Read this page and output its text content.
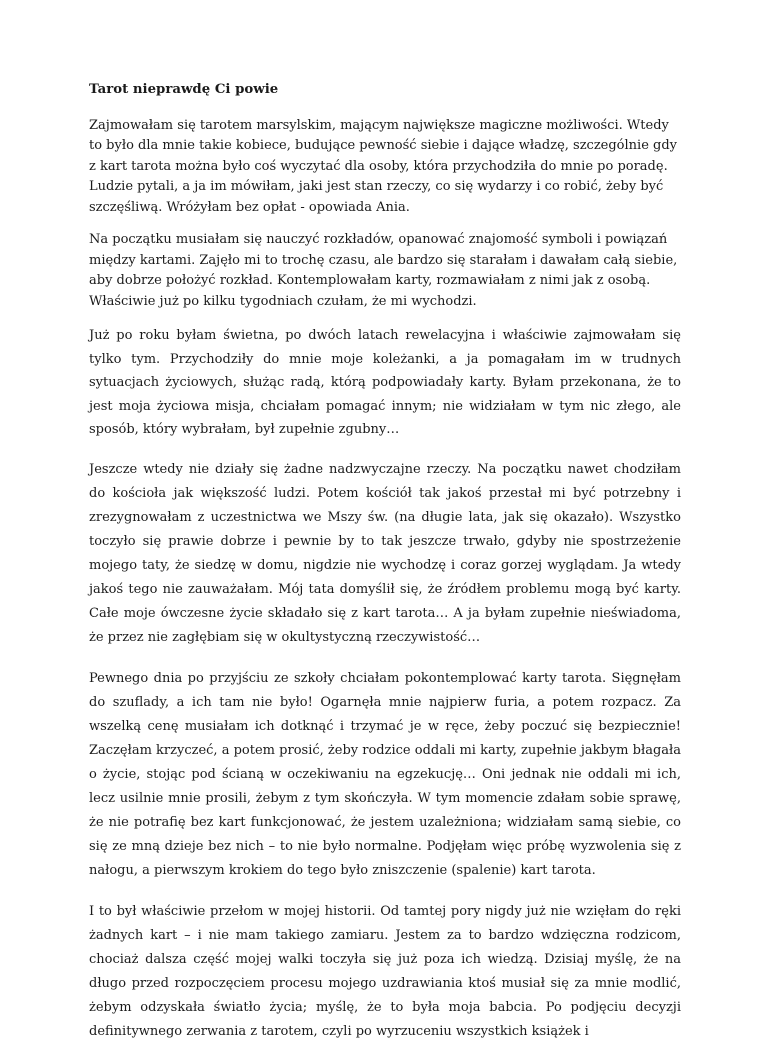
Tarot nieprawdę Ci powie

Zajmowałam się tarotem marsylskim, mającym największe magiczne możliwości. Wtedy to było dla mnie takie kobiece, budujące pewność siebie i dające władzę, szczególnie gdy z kart tarota można było coś wyczytać dla osoby, która przychodziła do mnie po poradę. Ludzie pytali, a ja im mówiłam, jaki jest stan rzeczy, co się wydarzy i co robić, żeby być szczęśliwą. Wróżyłam bez opłat - opowiada Ania.

Na początku musiałam się nauczyć rozkładów, opanować znajomość symboli i powiązań między kartami. Zajęło mi to trochę czasu, ale bardzo się starałam i dawałam całą siebie, aby dobrze położyć rozkład. Kontemplowałam karty, rozmawiałam z nimi jak z osobą. Właściwie już po kilku tygodniach czułam, że mi wychodzi.

Już po roku byłam świetna, po dwóch latach rewelacyjna i właściwie zajmowałam się tylko tym. Przychodziły do mnie moje koleżanki, a ja pomagałam im w trudnych sytuacjach życiowych, służąc radą, którą podpowiadały karty. Byłam przekonana, że to jest moja życiowa misja, chciałam pomagać innym; nie widziałam w tym nic złego, ale sposób, który wybrałam, był zupełnie zgubny…

Jeszcze wtedy nie działy się żadne nadzwyczajne rzeczy. Na początku nawet chodziłam do kościoła jak większość ludzi. Potem kościół tak jakoś przestał mi być potrzebny i zrezygnowałam z uczestnictwa we Mszy św. (na długie lata, jak się okazało). Wszystko toczyło się prawie dobrze i pewnie by to tak jeszcze trwało, gdyby nie spostrzeżenie mojego taty, że siedzę w domu, nigdzie nie wychodzę i coraz gorzej wyglądam. Ja wtedy jakoś tego nie zauważałam. Mój tata domyślił się, że źródłem problemu mogą być karty. Całe moje ówczesne życie składało się z kart tarota… A ja byłam zupełnie nieświadoma, że przez nie zagłębiam się w okultystyczną rzeczywistość…

Pewnego dnia po przyjściu ze szkoły chciałam pokontemplować karty tarota. Sięgnęłam do szuflady, a ich tam nie było! Ogarnęła mnie najpierw furia, a potem rozpacz. Za wszelką cenę musiałam ich dotknąć i trzymać je w ręce, żeby poczuć się bezpiecznie! Zaczęłam krzyczeć, a potem prosić, żeby rodzice oddali mi karty, zupełnie jakbym błagała o życie, stojąc pod ścianą w oczekiwaniu na egzekucję… Oni jednak nie oddali mi ich, lecz usilnie mnie prosili, żebym z tym skończyła. W tym momencie zdałam sobie sprawę, że nie potrafię bez kart funkcjonować, że jestem uzależniona; widziałam samą siebie, co się ze mną dzieje bez nich – to nie było normalne. Podjęłam więc próbę wyzwolenia się z nałogu, a pierwszym krokiem do tego było zniszczenie (spalenie) kart tarota.

I to był właściwie przełom w mojej historii. Od tamtej pory nigdy już nie wzięłam do ręki żadnych kart – i nie mam takiego zamiaru. Jestem za to bardzo wdzięczna rodzicom, chociaż dalsza część mojej walki toczyła się już poza ich wiedzą. Dzisiaj myślę, że na długo przed rozpoczęciem procesu mojego uzdrawiania ktoś musiał się za mnie modlić, żebym odzyskała światło życia; myślę, że to była moja babcia. Po podjęciu decyzji definitywnego zerwania z tarotem, czyli po wyrzuceniu wszystkich książek i
